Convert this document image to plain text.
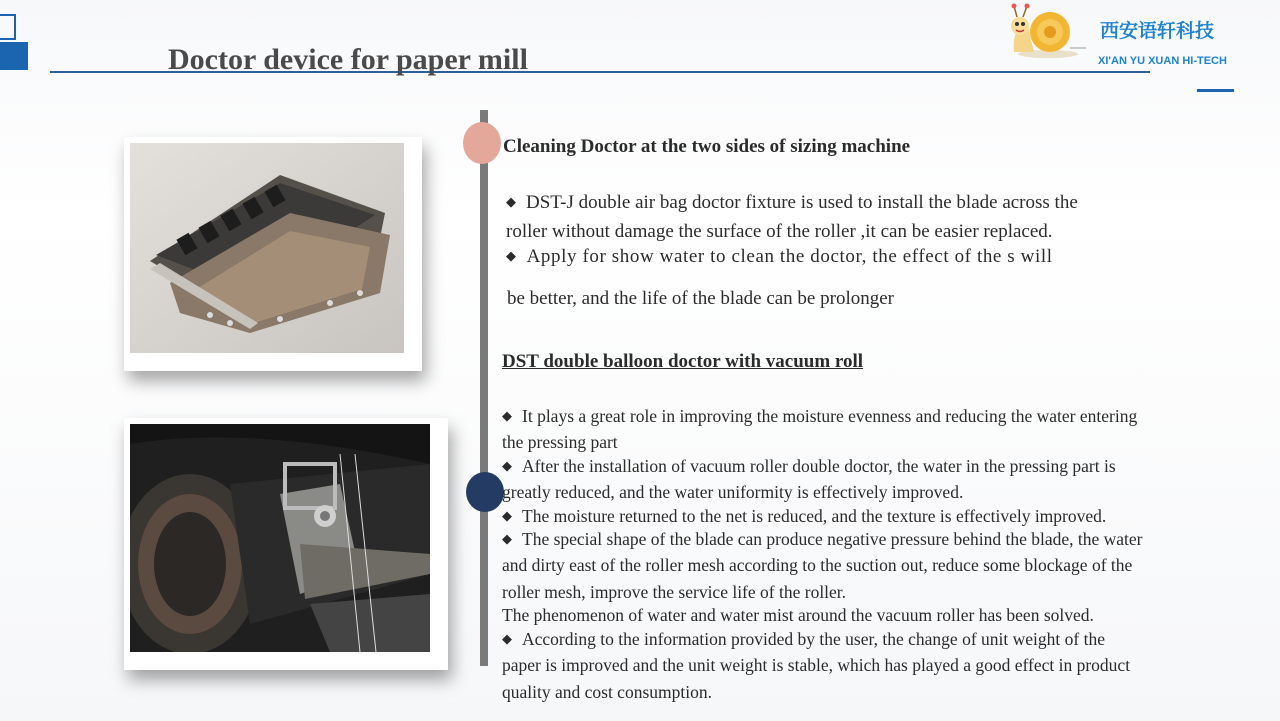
Doctor device for paper mill
西安语轩科技
XI'AN YU XUAN HI-TECH
Cleaning Doctor at the two sides of sizing machine
◆ DST-J double air bag doctor fixture is used to install the blade across the
roller without damage the surface of the roller ,it can be easier replaced.
◆ Apply for show water to clean the doctor, the effect of the s will
be better, and the life of the blade can be prolonger
DST double balloon doctor with vacuum roll
◆ It plays a great role in improving the moisture evenness and reducing the water entering
the pressing part
◆ After the installation of vacuum roller double doctor, the water in the pressing part is
greatly reduced, and the water uniformity is effectively improved.
◆ The moisture returned to the net is reduced, and the texture is effectively improved.
◆ The special shape of the blade can produce negative pressure behind the blade, the water
and dirty east of the roller mesh according to the suction out, reduce some blockage of the
roller mesh, improve the service life of the roller.
The phenomenon of water and water mist around the vacuum roller has been solved.
◆ According to the information provided by the user, the change of unit weight of the
paper is improved and the unit weight is stable, which has played a good effect in product
quality and cost consumption.
